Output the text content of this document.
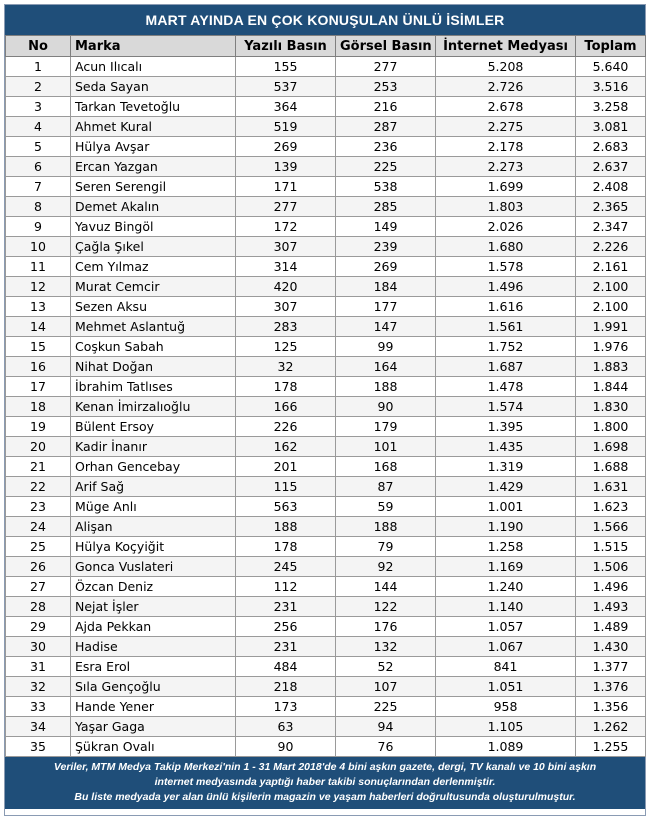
MART AYINDA EN ÇOK KONUŞULAN ÜNLÜ İSİMLER
No	Marka	Yazılı Basın	Görsel Basın	İnternet Medyası	Toplam
1	Acun Ilıcalı	155	277	5.208	5.640
2	Seda Sayan	537	253	2.726	3.516
3	Tarkan Tevetoğlu	364	216	2.678	3.258
4	Ahmet Kural	519	287	2.275	3.081
5	Hülya Avşar	269	236	2.178	2.683
6	Ercan Yazgan	139	225	2.273	2.637
7	Seren Serengil	171	538	1.699	2.408
8	Demet Akalın	277	285	1.803	2.365
9	Yavuz Bingöl	172	149	2.026	2.347
10	Çağla Şıkel	307	239	1.680	2.226
11	Cem Yılmaz	314	269	1.578	2.161
12	Murat Cemcir	420	184	1.496	2.100
13	Sezen Aksu	307	177	1.616	2.100
14	Mehmet Aslantuğ	283	147	1.561	1.991
15	Coşkun Sabah	125	99	1.752	1.976
16	Nihat Doğan	32	164	1.687	1.883
17	İbrahim Tatlıses	178	188	1.478	1.844
18	Kenan İmirzalıoğlu	166	90	1.574	1.830
19	Bülent Ersoy	226	179	1.395	1.800
20	Kadir İnanır	162	101	1.435	1.698
21	Orhan Gencebay	201	168	1.319	1.688
22	Arif Sağ	115	87	1.429	1.631
23	Müge Anlı	563	59	1.001	1.623
24	Alişan	188	188	1.190	1.566
25	Hülya Koçyiğit	178	79	1.258	1.515
26	Gonca Vuslateri	245	92	1.169	1.506
27	Özcan Deniz	112	144	1.240	1.496
28	Nejat İşler	231	122	1.140	1.493
29	Ajda Pekkan	256	176	1.057	1.489
30	Hadise	231	132	1.067	1.430
31	Esra Erol	484	52	841	1.377
32	Sıla Gençoğlu	218	107	1.051	1.376
33	Hande Yener	173	225	958	1.356
34	Yaşar Gaga	63	94	1.105	1.262
35	Şükran Ovalı	90	76	1.089	1.255

Veriler, MTM Medya Takip Merkezi'nin 1 - 31 Mart 2018'de 4 bini aşkın gazete, dergi, TV kanalı ve 10 bini aşkın

internet medyasında yaptığı haber takibi sonuçlarından derlenmiştir.

Bu liste medyada yer alan ünlü kişilerin magazin ve yaşam haberleri doğrultusunda oluşturulmuştur.
